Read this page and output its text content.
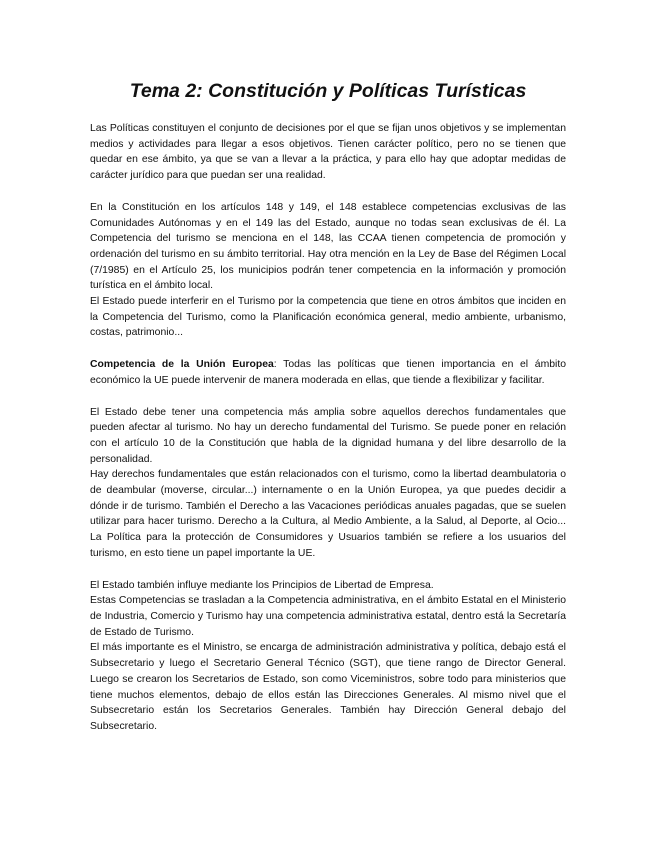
Tema 2: Constitución y Políticas Turísticas

Las Políticas constituyen el conjunto de decisiones por el que se fijan unos objetivos y se implementan medios y actividades para llegar a esos objetivos. Tienen carácter político, pero no se tienen que quedar en ese ámbito, ya que se van a llevar a la práctica, y para ello hay que adoptar medidas de carácter jurídico para que puedan ser una realidad.

En la Constitución en los artículos 148 y 149, el 148 establece competencias exclusivas de las Comunidades Autónomas y en el 149 las del Estado, aunque no todas sean exclusivas de él. La Competencia del turismo se menciona en el 148, las CCAA tienen competencia de promoción y ordenación del turismo en su ámbito territorial. Hay otra mención en la Ley de Base del Régimen Local (7/1985) en el Artículo 25, los municipios podrán tener competencia en la información y promoción turística en el ámbito local.

El Estado puede interferir en el Turismo por la competencia que tiene en otros ámbitos que inciden en la Competencia del Turismo, como la Planificación económica general, medio ambiente, urbanismo, costas, patrimonio...

Competencia de la Unión Europea: Todas las políticas que tienen importancia en el ámbito económico la UE puede intervenir de manera moderada en ellas, que tiende a flexibilizar y facilitar.

El Estado debe tener una competencia más amplia sobre aquellos derechos fundamentales que pueden afectar al turismo. No hay un derecho fundamental del Turismo. Se puede poner en relación con el artículo 10 de la Constitución que habla de la dignidad humana y del libre desarrollo de la personalidad.

Hay derechos fundamentales que están relacionados con el turismo, como la libertad deambulatoria o de deambular (moverse, circular...) internamente o en la Unión Europea, ya que puedes decidir a dónde ir de turismo. También el Derecho a las Vacaciones periódicas anuales pagadas, que se suelen utilizar para hacer turismo. Derecho a la Cultura, al Medio Ambiente, a la Salud, al Deporte, al Ocio... La Política para la protección de Consumidores y Usuarios también se refiere a los usuarios del turismo, en esto tiene un papel importante la UE.

El Estado también influye mediante los Principios de Libertad de Empresa.

Estas Competencias se trasladan a la Competencia administrativa, en el ámbito Estatal en el Ministerio de Industria, Comercio y Turismo hay una competencia administrativa estatal, dentro está la Secretaría de Estado de Turismo.

El más importante es el Ministro, se encarga de administración administrativa y política, debajo está el Subsecretario y luego el Secretario General Técnico (SGT), que tiene rango de Director General. Luego se crearon los Secretarios de Estado, son como Viceministros, sobre todo para ministerios que tiene muchos elementos, debajo de ellos están las Direcciones Generales. Al mismo nivel que el Subsecretario están los Secretarios Generales. También hay Dirección General debajo del Subsecretario.
